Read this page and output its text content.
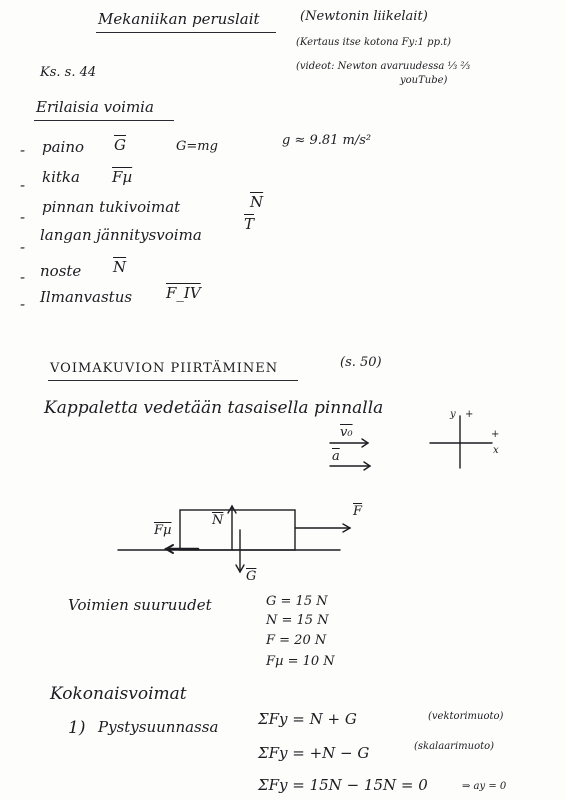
Mekaniikan peruslait	(Newtonin liikelait)
(Kertaus itse kotona Fy:1 pp.t)
(videot: Newton avaruudessa ⅓ ⅔
youTube)
Ks. s. 44
Erilaisia voimia
- paino $\overline{G}$	G=mg	g ≈ 9.81 m/s²
- kitka Fµ
-
pinnan tukivoimat	$\overline{N}$
-
langan jännitysvoima
$\overline{T}$
- noste $\overline{N}$
- Ilmanvastus F_IV
VOIMAKUVION PIIRTÄMINEN	(s. 50)
Kappaletta vedetään tasaisella pinnalla
v₀
$\overline{a}$
y +
+
x
$\overline{F}$
$\overline{N}$
$\overline{G}$
Fµ
Voimien suuruudet	G = 15 N
N = 15 N
F = 20 N
Fµ = 10 N
Kokonaisvoimat
1) Pystysuunnassa	ΣFy = N + G	(vektorimuoto)
ΣFy = +N − G	(skalaarimuoto)
ΣFy = 15N − 15N = 0	⇒ ay = 0
